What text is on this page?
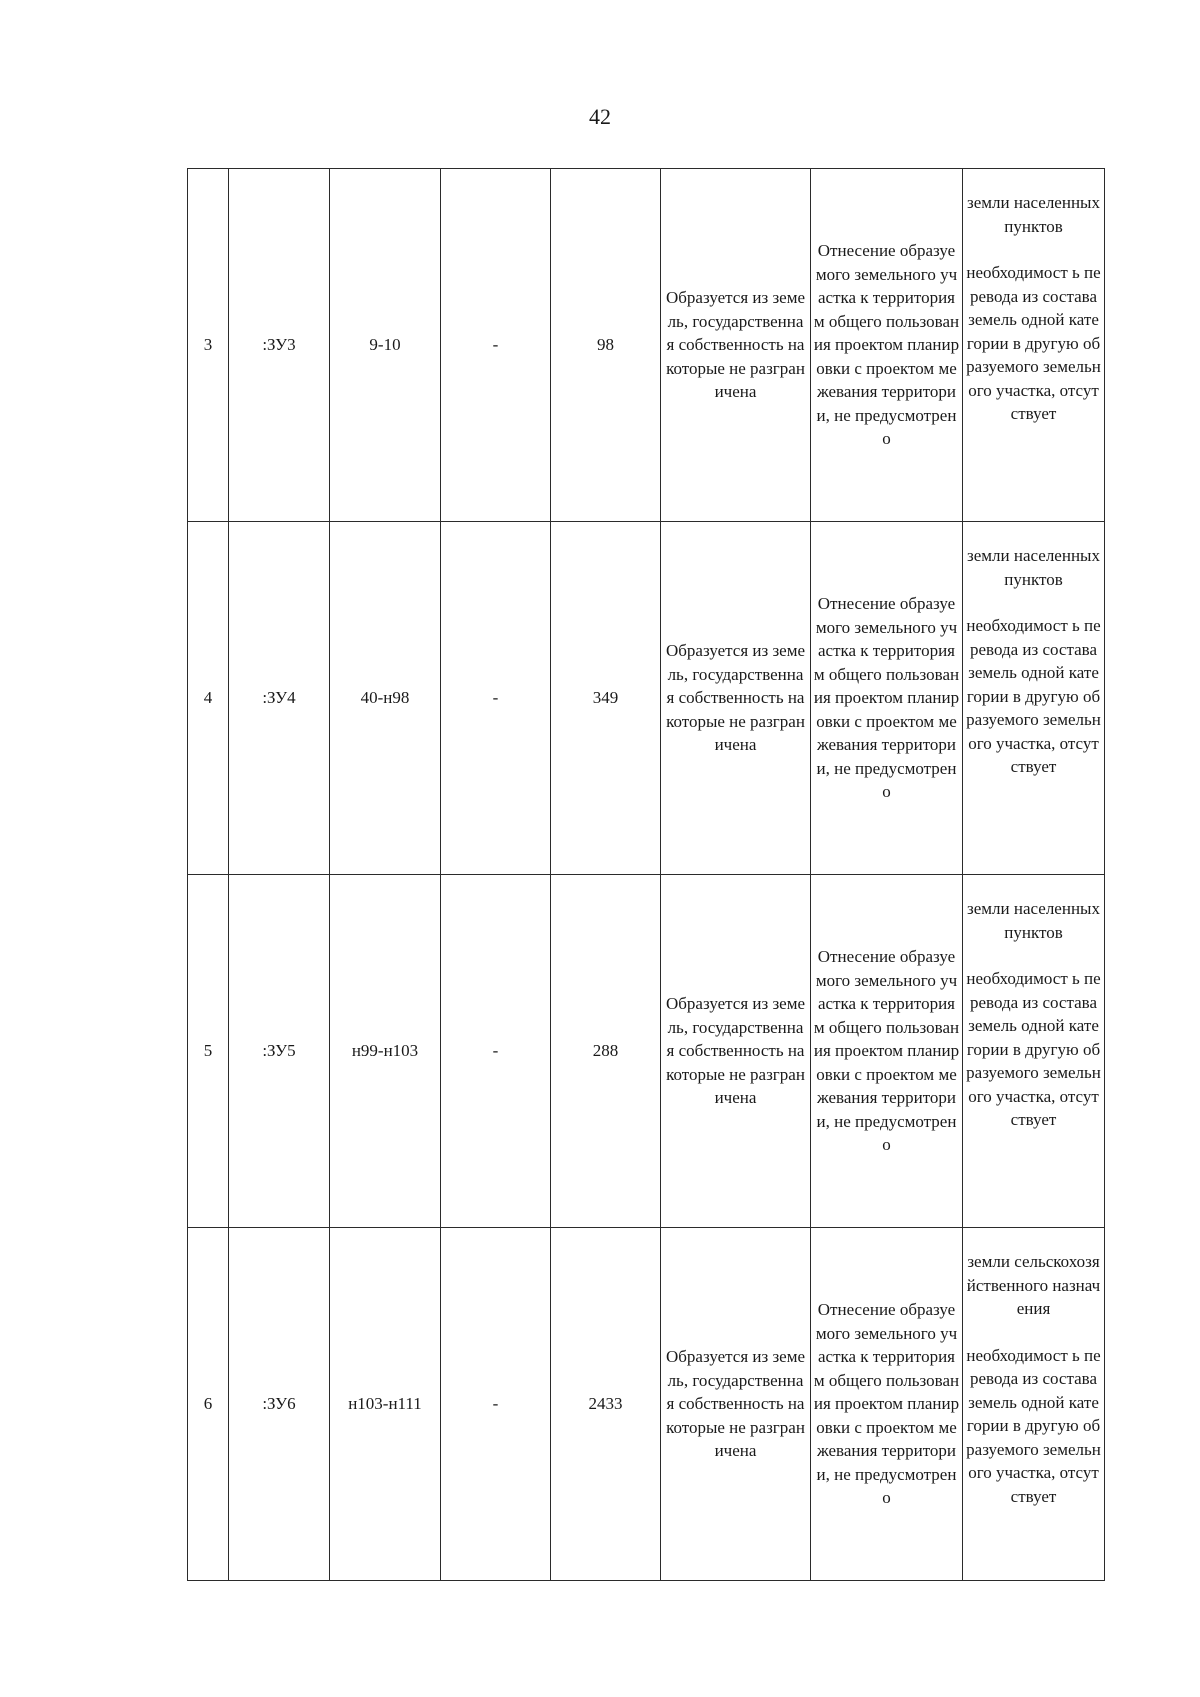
42
3	:ЗУ3	9-10	-	98	Образуется из земель, государственна я собственность накоторые не разграничена	Отнесение образуемого земельного участка к территориям общего пользования проектом планировки с проектом межевания территории, не предусмотрено	земли населенных пунктов
необходимост ь перевода из состава земель одной категории в другую образуемого земельного участка, отсутствует

4	:ЗУ4	40-н98	-	349	Образуется из земель, государственна я собственность накоторые не разграничена	Отнесение образуемого земельного участка к территориям общего пользования проектом планировки с проектом межевания территории, не предусмотрено	земли населенных пунктов
необходимост ь перевода из состава земель одной категории в другую образуемого земельного участка, отсутствует

5	:ЗУ5	н99-н103	-	288	Образуется из земель, государственна я собственность накоторые не разграничена	Отнесение образуемого земельного участка к территориям общего пользования проектом планировки с проектом межевания территории, не предусмотрено	земли населенных пунктов
необходимост ь перевода из состава земель одной категории в другую образуемого земельного участка, отсутствует

6	:ЗУ6	н103-н111	-	2433	Образуется из земель, государственна я собственность накоторые не разграничена	Отнесение образуемого земельного участка к территориям общего пользования проектом планировки с проектом межевания территории, не предусмотрено	земли сельскохозяйственного назначения
необходимост ь перевода из состава земель одной категории в другую образуемого земельного участка, отсутствует
